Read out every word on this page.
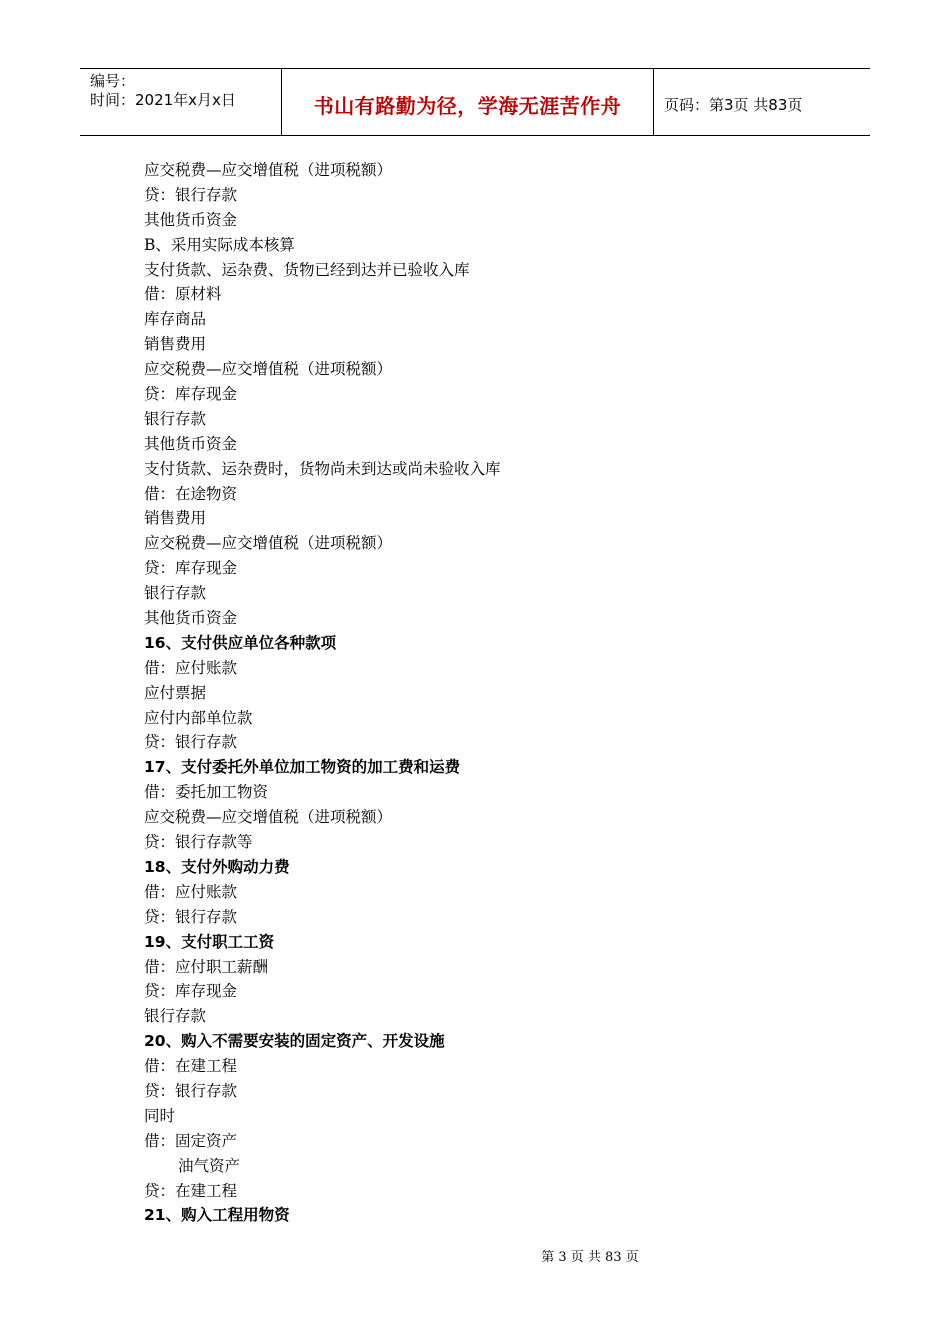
编号：
时间：2021年x月x日	书山有路勤为径，学海无涯苦作舟	页码：第3页 共83页
应交税费—应交增值税（进项税额）
贷：银行存款
其他货币资金
B、采用实际成本核算
支付货款、运杂费、货物已经到达并已验收入库
借：原材料
库存商品
销售费用
应交税费—应交增值税（进项税额）
贷：库存现金
银行存款
其他货币资金
支付货款、运杂费时，货物尚未到达或尚未验收入库
借：在途物资
销售费用
应交税费—应交增值税（进项税额）
贷：库存现金
银行存款
其他货币资金
16、支付供应单位各种款项
借：应付账款
应付票据
应付内部单位款
贷：银行存款
17、支付委托外单位加工物资的加工费和运费
借：委托加工物资
应交税费—应交增值税（进项税额）
贷：银行存款等
18、支付外购动力费
借：应付账款
贷：银行存款
19、支付职工工资
借：应付职工薪酬
贷：库存现金
银行存款
20、购入不需要安装的固定资产、开发设施
借：在建工程
贷：银行存款
同时
借：固定资产
油气资产
贷：在建工程
21、购入工程用物资
第 3 页 共 83 页
